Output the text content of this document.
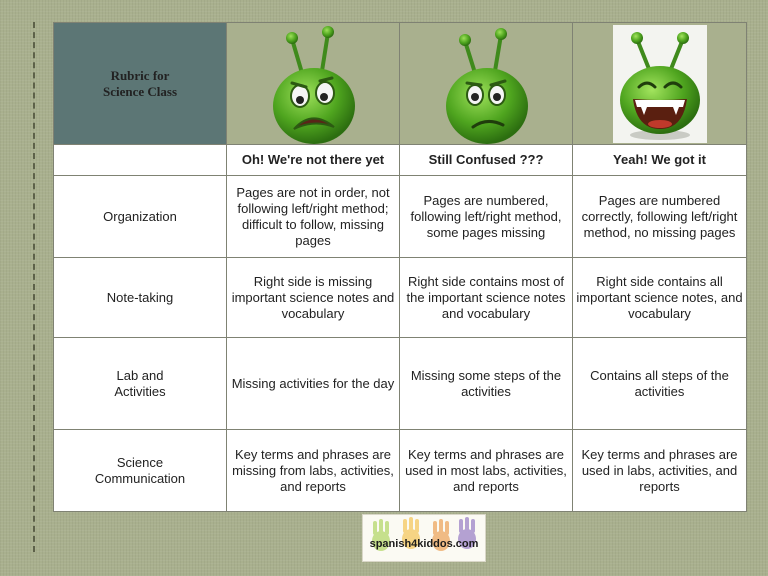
Rubric for
Science Class

	Oh! We're not there yet	Still Confused ???	Yeah! We got it

Organization	Pages are not in order, not following left/right method; difficult to follow, missing pages	Pages are numbered, following left/right method, some pages missing	Pages are numbered correctly, following left/right method, no missing pages

Note-taking	Right side is missing important science notes and vocabulary	Right side contains most of the important science notes and vocabulary	Right side contains all important science notes, and vocabulary

Lab and
Activities	Missing activities for the day	Missing some steps of the activities	Contains all steps of the activities

Science
Communication	Key terms and phrases are missing from labs, activities, and reports	Key terms and phrases are used in most labs, activities, and reports	Key terms and phrases are used in labs, activities, and reports
spanish4kiddos.com
